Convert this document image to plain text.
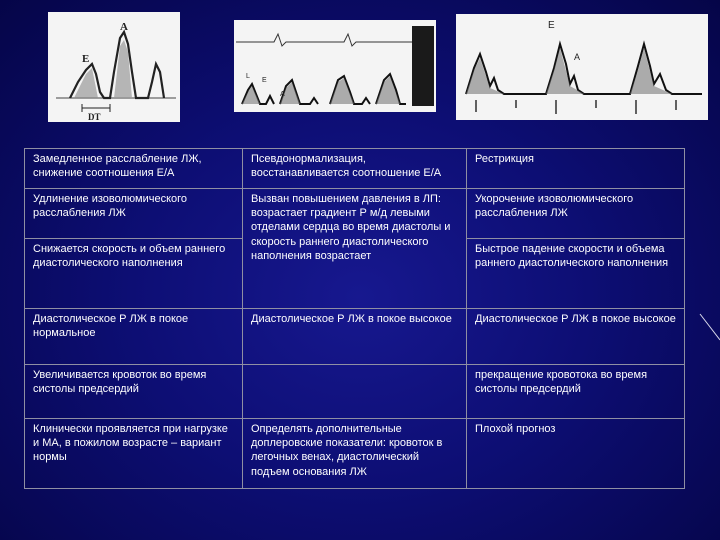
E
A
DT
L
E
A
E
A
Замедленное расслабление ЛЖ, снижение соотношения Е/А	Псевдонормализация, восстанавливается соотношение Е/А	Рестрикция

Удлинение изоволюмического расслабления ЛЖ	Вызван повышением давления в ЛП: возрастает градиент Р м/д левыми отделами сердца во время диастолы и скорость раннего диастолического наполнения возрастает	Укорочение изоволюмического расслабления ЛЖ

Снижается скорость и объем раннего диастолического наполнения		Быстрое падение скорости и объема раннего диастолического наполнения

Диастолическое Р ЛЖ в покое нормальное	Диастолическое Р ЛЖ в покое высокое	Диастолическое Р ЛЖ в покое высокое

Увеличивается кровоток во время систолы предсердий		прекращение кровотока во время систолы предсердий

Клинически проявляется при нагрузке и МА, в пожилом возрасте – вариант нормы	Определять дополнительные доплеровские показатели: кровоток в легочных венах, диастолический подъем основания ЛЖ	Плохой прогноз
